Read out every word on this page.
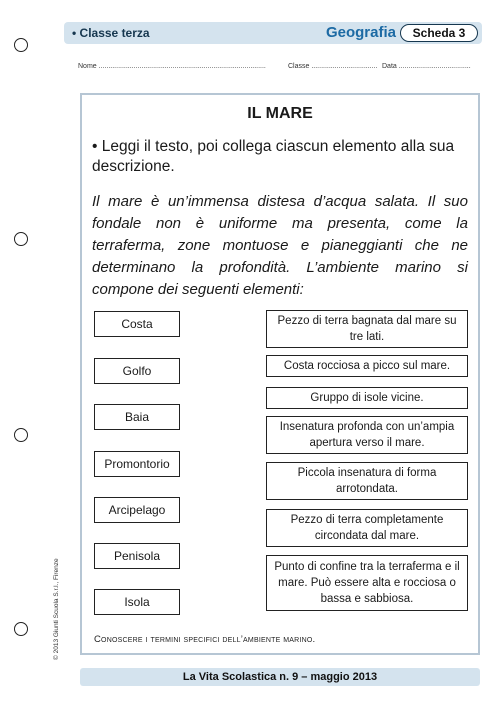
• Classe terza	Geografia	Scheda 3
Nome ......................................................................................	Classe .................................. Data .....................................
IL MARE
• Leggi il testo, poi collega ciascun elemento alla sua descrizione.
Il mare è un’immensa distesa d’acqua salata. Il suo fondale non è uniforme ma presenta, come la terraferma, zone montuose e pianeggianti che ne determinano la profondità. L’ambiente marino si compone dei seguenti elementi:
Costa
Golfo
Baia
Promontorio
Arcipelago
Penisola
Isola
Pezzo di terra bagnata dal mare su tre lati.
Costa rocciosa a picco sul mare.
Gruppo di isole vicine.
Insenatura profonda con un’ampia apertura verso il mare.
Piccola insenatura di forma arrotondata.
Pezzo di terra completamente circondata dal mare.
Punto di confine tra la terraferma e il mare. Può essere alta e rocciosa o bassa e sabbiosa.
Conoscere i termini specifici dell’ambiente marino.
© 2013 Giunti Scuola S.r.l., Firenze
La Vita Scolastica n. 9 – maggio 2013
